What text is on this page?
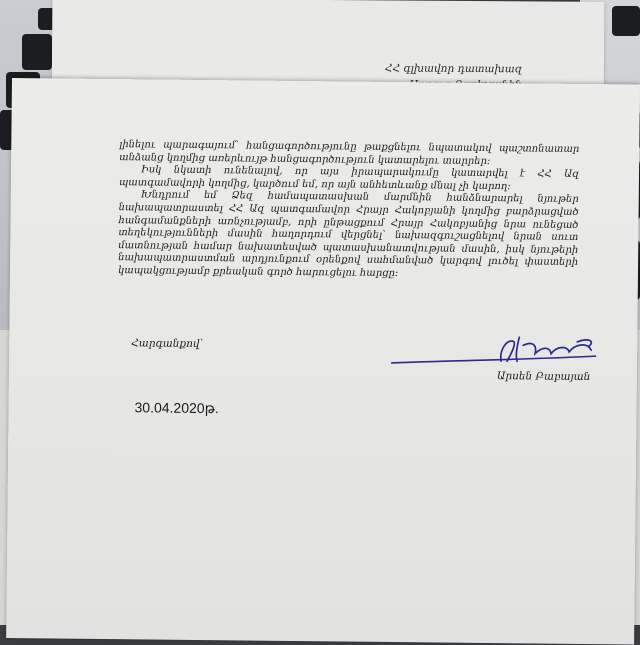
ՀՀ գլխավոր դատախազ

լինելու պարագայում՝ հանցագործությունը թաքցնելու նպատակով պաշտոնատար անձանց կողմից առերևույթ հանցագործություն կատարելու տարրեր:

Իսկ նկատի ունենալով, որ այս իրապարակումը կատարվել է ՀՀ Ազ պատգամավորի կողմից, կարծում եմ, որ այն անհետևանք մնալ չի կարող:

Խնդրում եմ Ձեզ համապատասխան մարմնին հանձնարարել նյութեր նախապատրաստել ՀՀ Ազ պատգամավոր Հրայր Հակոբյանի կողմից բարձրացված հանգամանքների առնչությամբ, որի ընթացքում Հրայր Հակոբյանից նրա ունեցած տեղեկությունների մասին հաղորդում վերցնել՝ նախազգուշացնելով նրան սուտ մատնության համար նախատեսված պատասխանատվության մասին, իսկ նյութերի նախապատրաստման արդյունքում օրենքով սահմանված կարգով լուծել փաստերի կապակցությամբ քրեական գործ հարուցելու հարցը:

Հարգանքով՝
Արսեն Բաբայան
30.04.2020թ.
